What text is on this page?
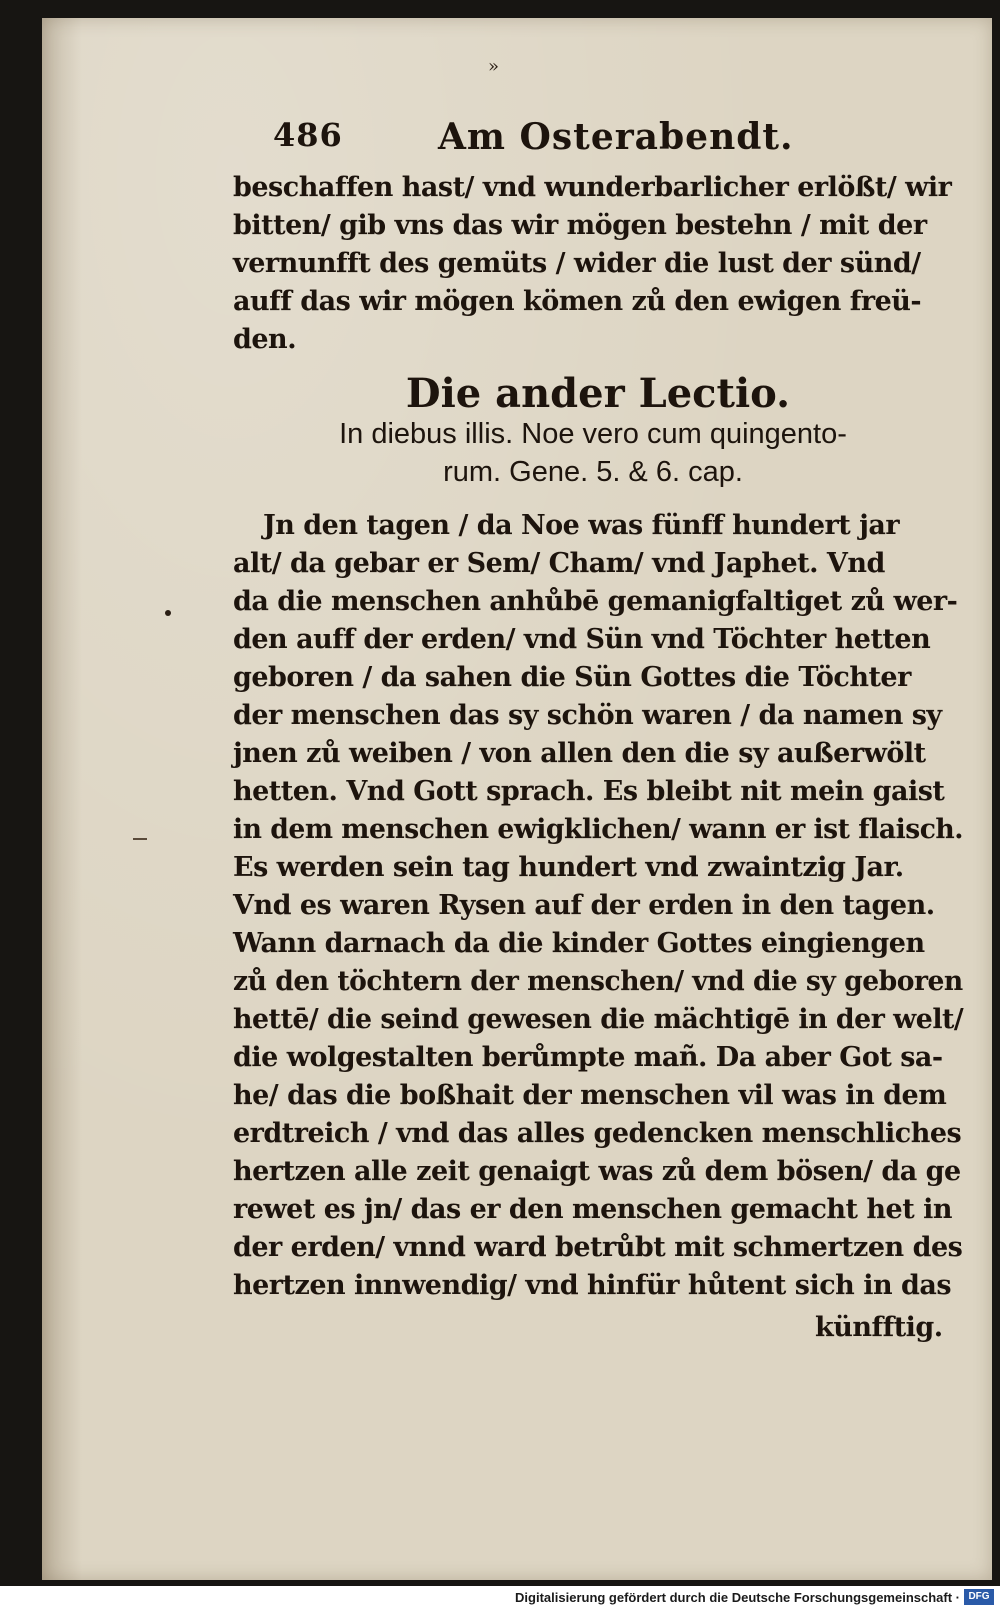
»
486	Am Osterabendt.
beschaffen hast/ vnd wunderbarlicher erlößt/ wir
bitten/ gib vns das wir mögen bestehn / mit der
vernunfft des gemüts / wider die lust der sünd/
auff das wir mögen kömen zů den ewigen freü-
den.
Die ander Lectio.
In diebus illis. Noe vero cum quingento-
rum. Gene. 5. & 6. cap.
Jn den tagen / da Noe was fünff hundert jar
alt/ da gebar er Sem/ Cham/ vnd Japhet. Vnd
da die menschen anhůbē gemanigfaltiget zů wer-
den auff der erden/ vnd Sün vnd Töchter hetten
geboren / da sahen die Sün Gottes die Töchter
der menschen das sy schön waren / da namen sy
jnen zů weiben / von allen den die sy außerwölt
hetten. Vnd Gott sprach. Es bleibt nit mein gaist
in dem menschen ewigklichen/ wann er ist flaisch.
Es werden sein tag hundert vnd zwaintzig Jar.
Vnd es waren Rysen auf der erden in den tagen.
Wann darnach da die kinder Gottes eingiengen
zů den töchtern der menschen/ vnd die sy geboren
hettē/ die seind gewesen die mächtigē in der welt/
die wolgestalten berůmpte mañ. Da aber Got sa-
he/ das die boßhait der menschen vil was in dem
erdtreich / vnd das alles gedencken menschliches
hertzen alle zeit genaigt was zů dem bösen/ da ge
rewet es jn/ das er den menschen gemacht het in
der erden/ vnnd ward betrůbt mit schmertzen des
hertzen innwendig/ vnd hinfür hůtent sich in das
künfftig.
Digitalisierung gefördert durch die Deutsche Forschungsgemeinschaft · DFG
